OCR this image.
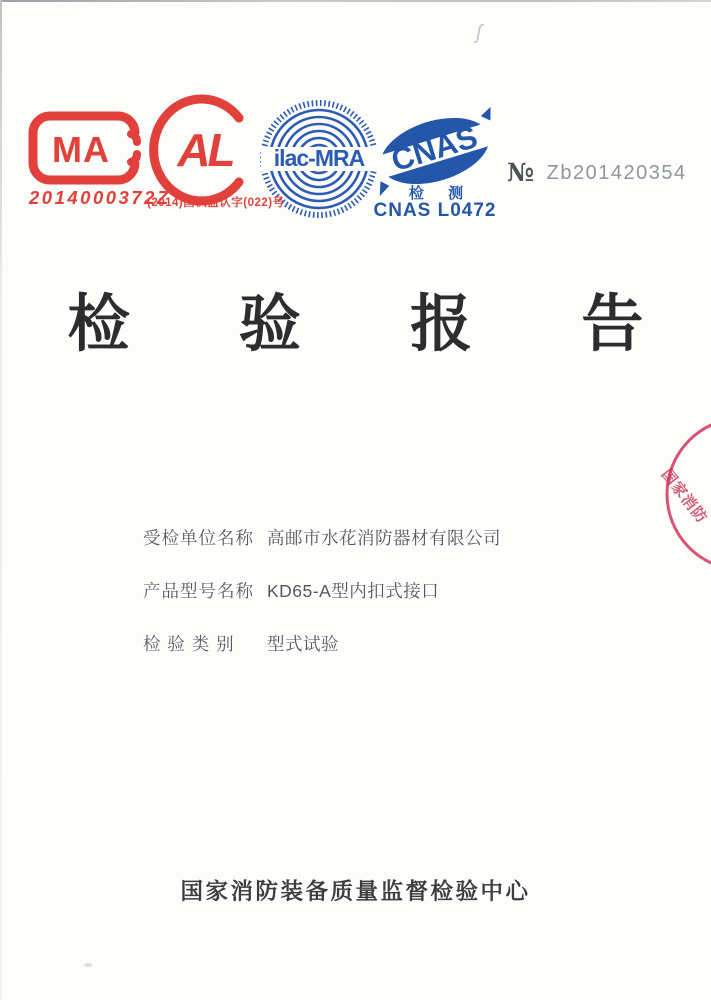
ʃ
MA AL ilac-MRA CNAS
检 测
CNAS L0472
2014000372Z
(2014)国认监认字(022)号
№ Zb201420354
检 验 报 告
国家消防
受检单位名称 高邮市水花消防器材有限公司
产品型号名称 KD65-A型内扣式接口
检 验 类 别	型式试验
国家消防装备质量监督检验中心
